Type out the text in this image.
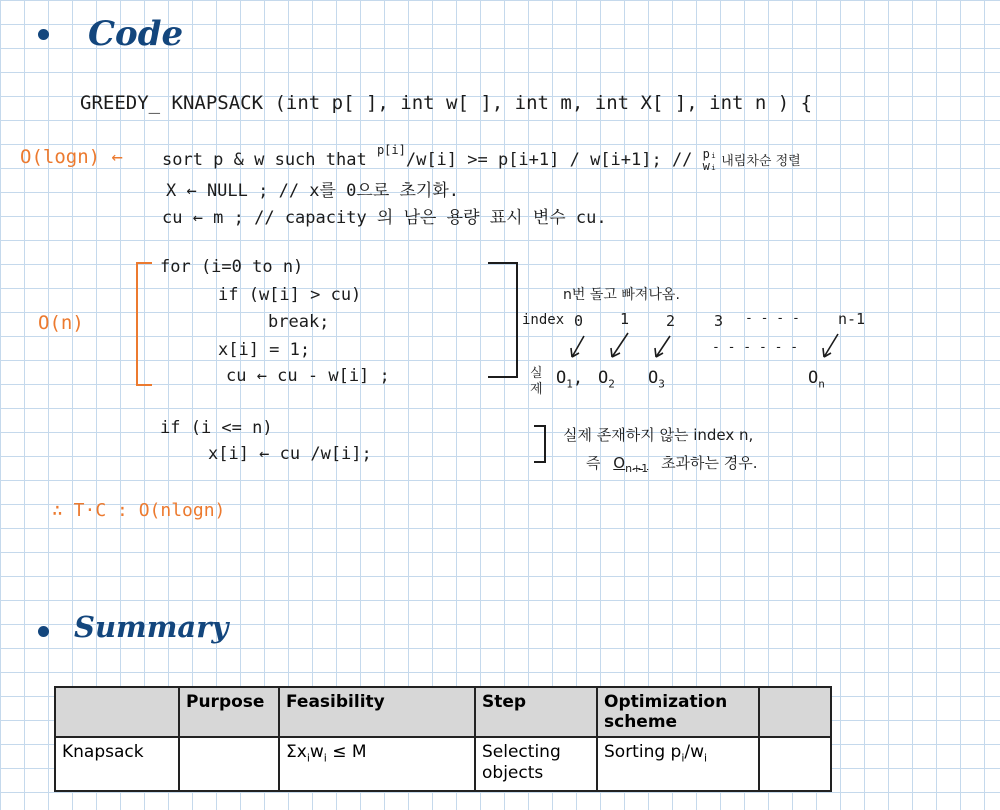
Code
GREEDY_ KNAPSACK (int p[ ], int w[ ], int m, int X[ ], int n ) {
O(logn) ← sort p & w such that p[i]/w[i] >= p[i+1] / w[i+1]; // pᵢ
wᵢ 내림차순 정렬
X ← NULL ; // x를 0으로 초기화.
cu ← m ; // capacity 의 남은 용량 표시 변수 cu.
O(n)
for (i=0 to n)
if (w[i] > cu)
break;
x[i] = 1;
cu ← cu - w[i] ;
n번 돌고 빠져나옴.
index 0 1 2	3 - - - -	n-1
- - - - - -
실
제
$O_1$, $O_2$ $O_3$	$O_n$
if (i <= n)
x[i] ← cu /w[i];
실제 존재하지 않는 index n,
즉 $O_{n+1}$ 초과하는 경우.
∴ T·C : O(nlogn)
Summary
	Purpose	Feasibility	Step	Optimization scheme	
Knapsack		$\Sigma x_iw_i \le M$	Selecting objects	Sorting $p_i/w_i$	
